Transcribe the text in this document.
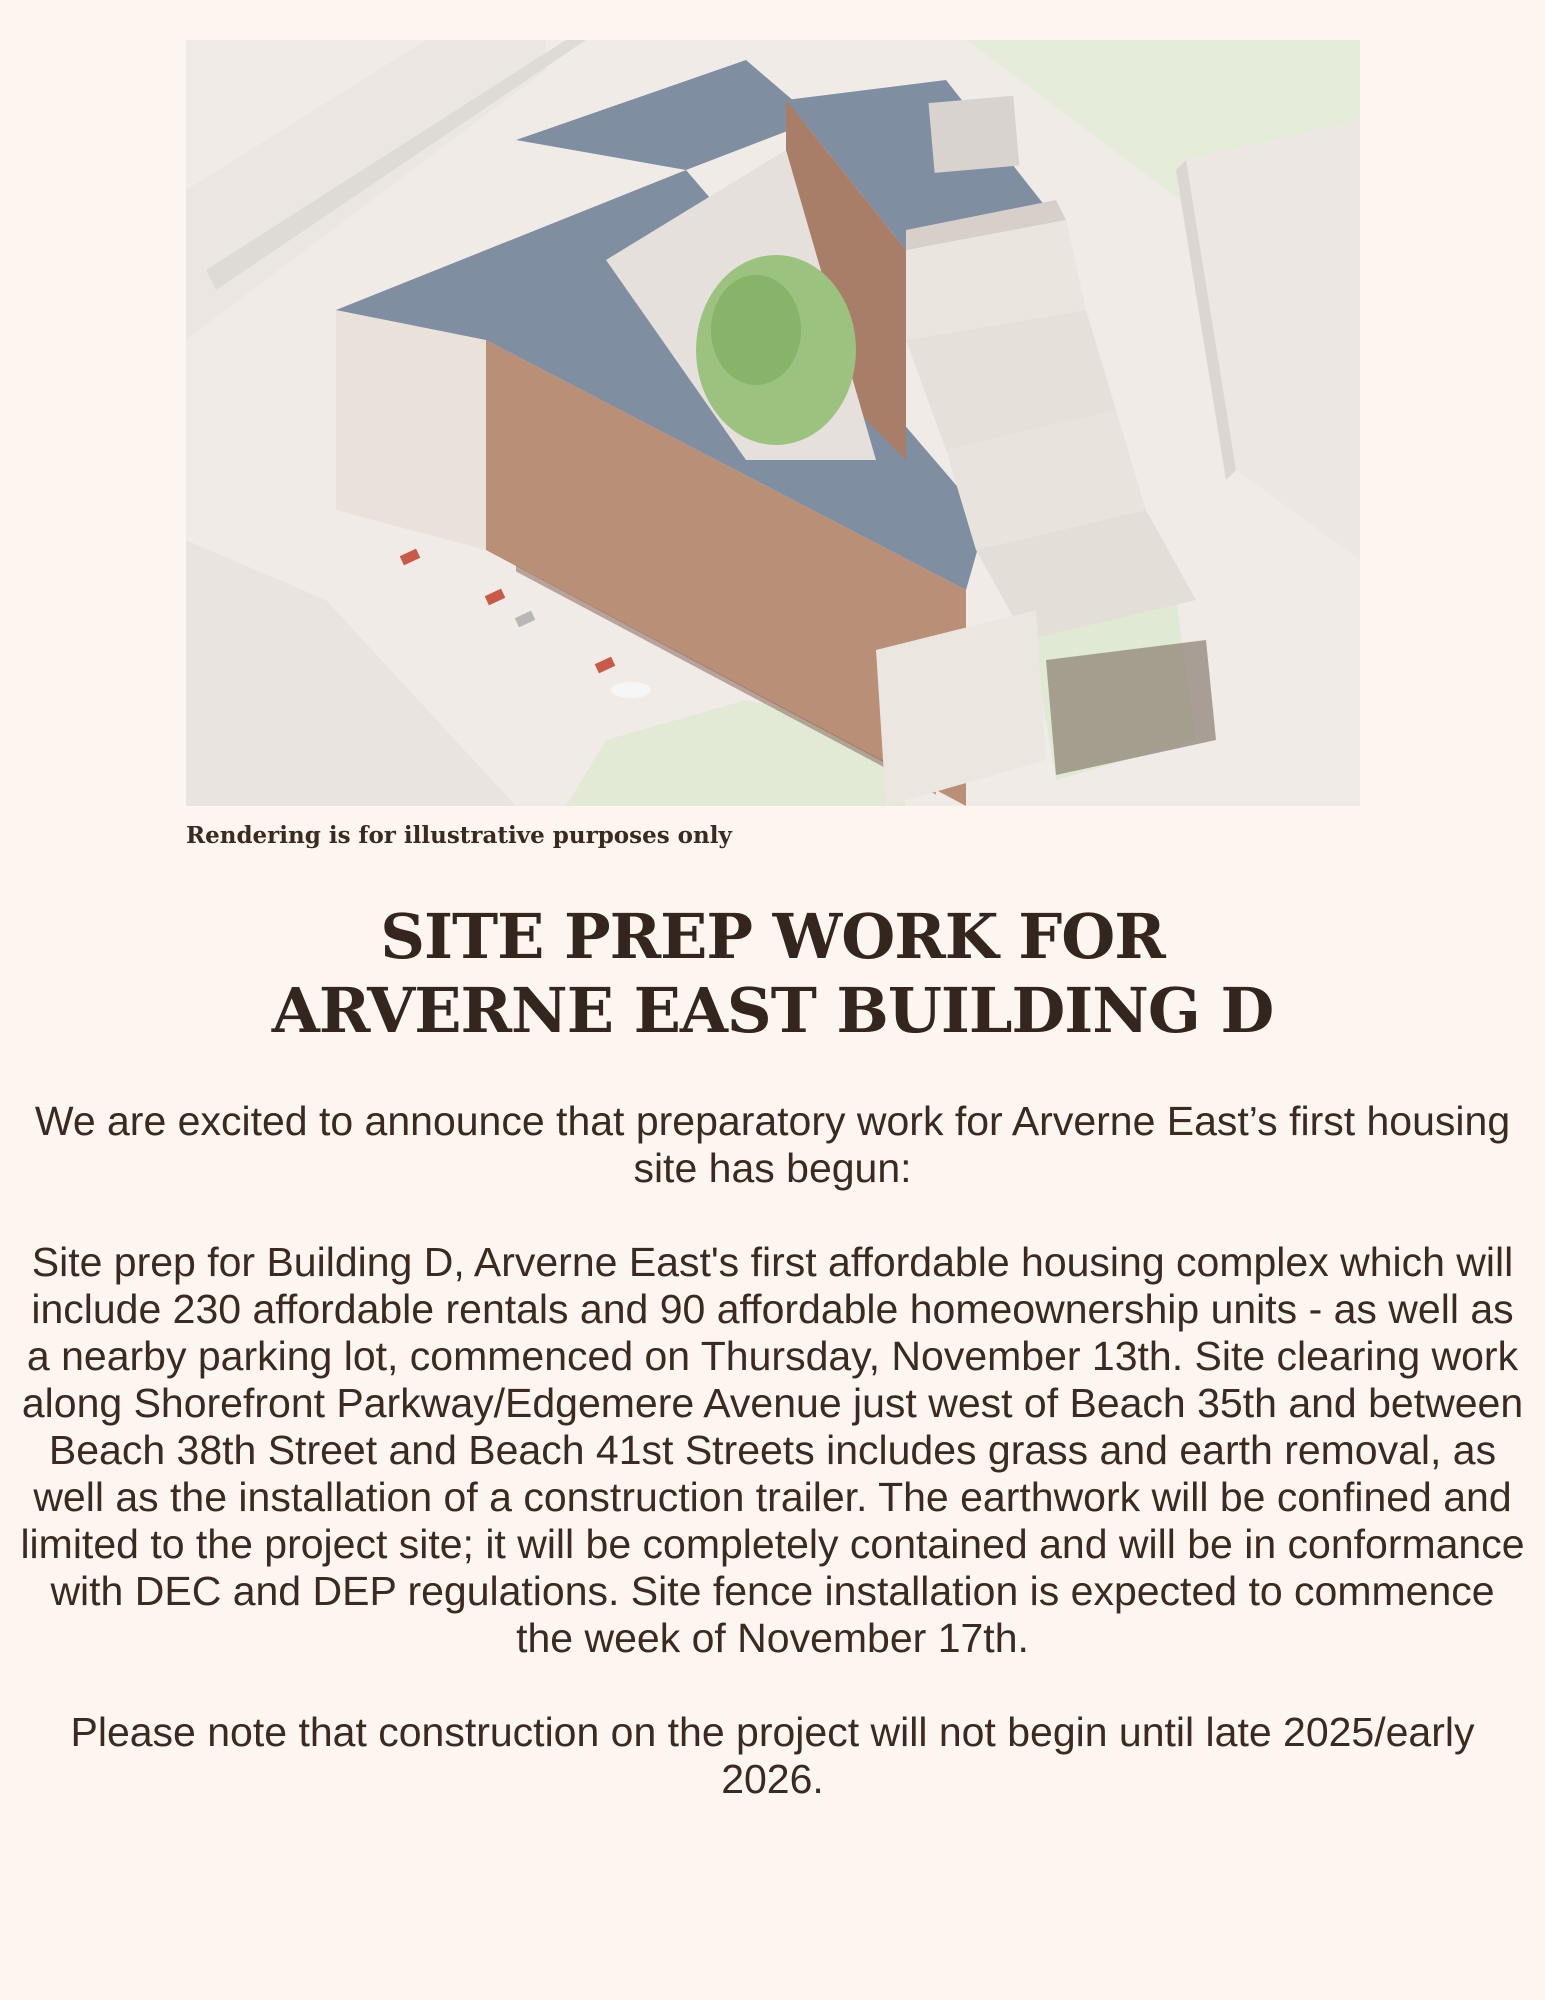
Rendering is for illustrative purposes only
SITE PREP WORK FOR
ARVERNE EAST BUILDING D

We are excited to announce that preparatory work for Arverne East’s first housing site has begun:

Site prep for Building D, Arverne East's first affordable housing complex which will include 230 affordable rentals and 90 affordable homeownership units - as well as a nearby parking lot, commenced on Thursday, November 13th. Site clearing work along Shorefront Parkway/Edgemere Avenue just west of Beach 35th and between Beach 38th Street and Beach 41st Streets includes grass and earth removal, as well as the installation of a construction trailer. The earthwork will be confined and limited to the project site; it will be completely contained and will be in conformance with DEC and DEP regulations. Site fence installation is expected to commence the week of November 17th.

Please note that construction on the project will not begin until late 2025/early 2026.
